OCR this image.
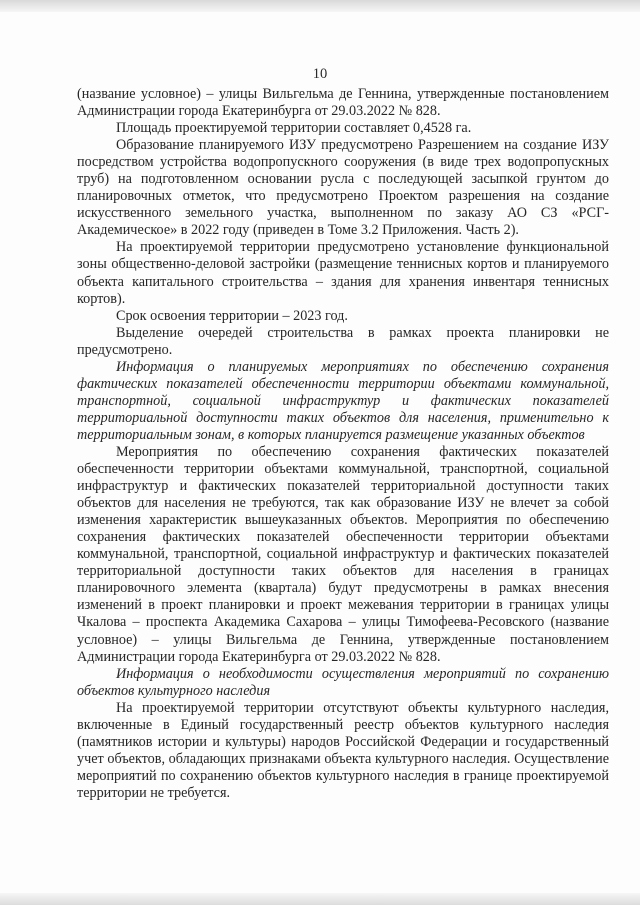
10

(название условное) – улицы Вильгельма де Геннина, утвержденные постановлением Администрации города Екатеринбурга от 29.03.2022 № 828.

Площадь проектируемой территории составляет 0,4528 га.

Образование планируемого ИЗУ предусмотрено Разрешением на создание ИЗУ посредством устройства водопропускного сооружения (в виде трех водопропускных труб) на подготовленном основании русла с последующей засыпкой грунтом до планировочных отметок, что предусмотрено Проектом разрешения на создание искусственного земельного участка, выполненном по заказу АО СЗ «РСГ-Академическое» в 2022 году (приведен в Томе 3.2 Приложения. Часть 2).

На проектируемой территории предусмотрено установление функциональной зоны общественно-деловой застройки (размещение теннисных кортов и планируемого объекта капитального строительства – здания для хранения инвентаря теннисных кортов).

Срок освоения территории – 2023 год.

Выделение очередей строительства в рамках проекта планировки не предусмотрено.

Информация о планируемых мероприятиях по обеспечению сохранения фактических показателей обеспеченности территории объектами коммунальной, транспортной, социальной инфраструктур и фактических показателей территориальной доступности таких объектов для населения, применительно к территориальным зонам, в которых планируется размещение указанных объектов

Мероприятия по обеспечению сохранения фактических показателей обеспеченности территории объектами коммунальной, транспортной, социальной инфраструктур и фактических показателей территориальной доступности таких объектов для населения не требуются, так как образование ИЗУ не влечет за собой изменения характеристик вышеуказанных объектов. Мероприятия по обеспечению сохранения фактических показателей обеспеченности территории объектами коммунальной, транспортной, социальной инфраструктур и фактических показателей территориальной доступности таких объектов для населения в границах планировочного элемента (квартала) будут предусмотрены в рамках внесения изменений в проект планировки и проект межевания территории в границах улицы Чкалова – проспекта Академика Сахарова – улицы Тимофеева-Ресовского (название условное) – улицы Вильгельма де Геннина, утвержденные постановлением Администрации города Екатеринбурга от 29.03.2022 № 828.

Информация о необходимости осуществления мероприятий по сохранению объектов культурного наследия

На проектируемой территории отсутствуют объекты культурного наследия, включенные в Единый государственный реестр объектов культурного наследия (памятников истории и культуры) народов Российской Федерации и государственный учет объектов, обладающих признаками объекта культурного наследия. Осуществление мероприятий по сохранению объектов культурного наследия в границе проектируемой территории не требуется.
